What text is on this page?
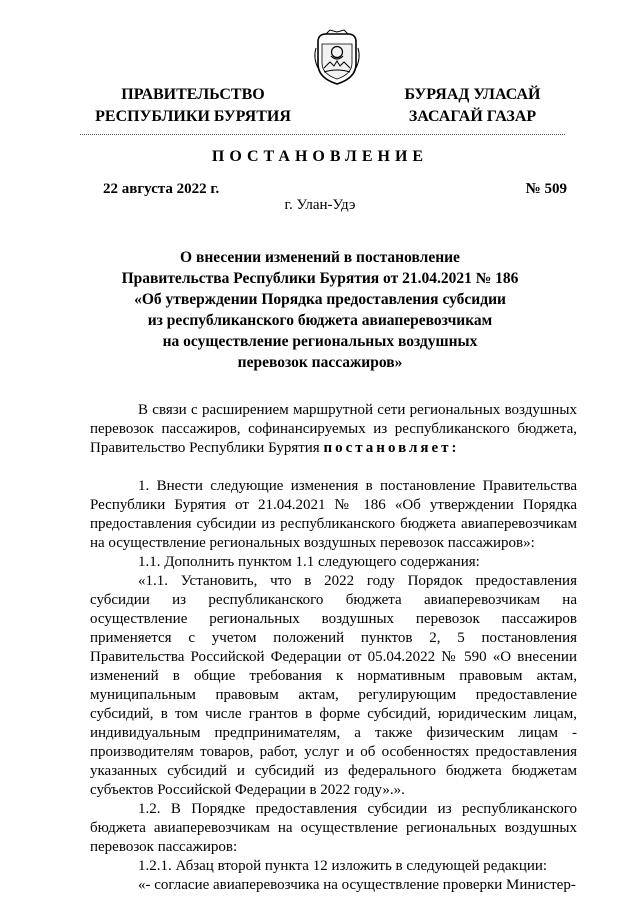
ПРАВИТЕЛЬСТВО
РЕСПУБЛИКИ БУРЯТИЯ
БУРЯАД УЛАСАЙ
ЗАСАГАЙ ГАЗАР
ПОСТАНОВЛЕНИЕ
22 августа 2022 г.	№ 509
г. Улан-Удэ
О внесении изменений в постановление
Правительства Республики Бурятия от 21.04.2021 № 186
«Об утверждении Порядка предоставления субсидии
из республиканского бюджета авиаперевозчикам
на осуществление региональных воздушных
перевозок пассажиров»

В связи с расширением маршрутной сети региональных воздушных перевозок пассажиров, софинансируемых из республиканского бюджета, Правительство Республики Бурятия постановляет:

1. Внести следующие изменения в постановление Правительства Республики Бурятия от 21.04.2021 № 186 «Об утверждении Порядка предоставления субсидии из республиканского бюджета авиаперевозчикам на осуществление региональных воздушных перевозок пассажиров»:

1.1. Дополнить пунктом 1.1 следующего содержания:

«1.1. Установить, что в 2022 году Порядок предоставления субсидии из республиканского бюджета авиаперевозчикам на осуществление региональных воздушных перевозок пассажиров применяется с учетом положений пунктов 2, 5 постановления Правительства Российской Федерации от 05.04.2022 № 590 «О внесении изменений в общие требования к нормативным правовым актам, муниципальным правовым актам, регулирующим предоставление субсидий, в том числе грантов в форме субсидий, юридическим лицам, индивидуальным предпринимателям, а также физическим лицам - производителям товаров, работ, услуг и об особенностях предоставления указанных субсидий и субсидий из федерального бюджета бюджетам субъектов Российской Федерации в 2022 году».».

1.2. В Порядке предоставления субсидии из республиканского бюджета авиаперевозчикам на осуществление региональных воздушных перевозок пассажиров:

1.2.1. Абзац второй пункта 12 изложить в следующей редакции:

«- согласие авиаперевозчика на осуществление проверки Министер-
